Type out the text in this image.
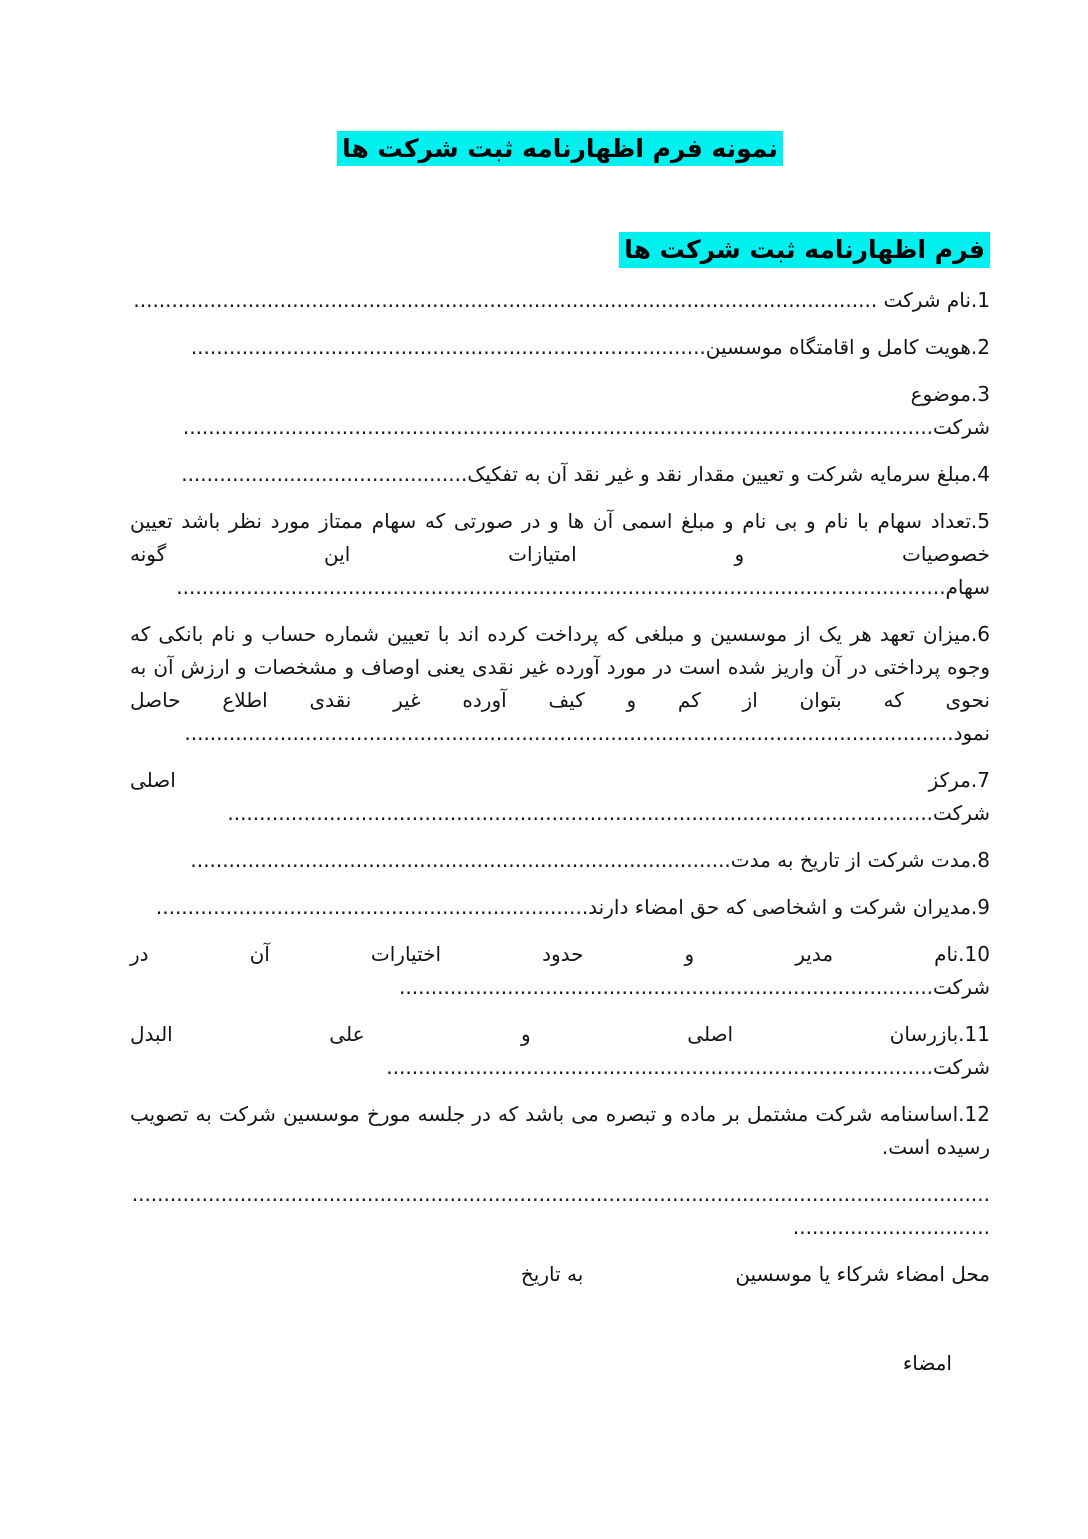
نمونه فرم اظهارنامه ثبت شرکت ها
فرم اظهارنامه ثبت شرکت ها

1.نام شرکت .....................................................................................................................

2.هویت کامل و اقامتگاه موسسین.................................................................................

3.موضوع شرکت......................................................................................................................

4.مبلغ سرمایه شرکت و تعیین مقدار نقد و غیر نقد آن به تفکیک.............................................

5.تعداد سهام با نام و بی نام و مبلغ اسمی آن ها و در صورتی که سهام ممتاز مورد نظر باشد تعیین خصوصیات و امتیازات این گونه سهام.........................................................................................................................

6.میزان تعهد هر یک از موسسین و مبلغی که پرداخت کرده اند با تعیین شماره حساب و نام بانکی که وجوه پرداختی در آن واریز شده است در مورد آورده غیر نقدی یعنی اوصاف و مشخصات و ارزش آن به نحوی که بتوان از کم و کیف آورده غیر نقدی اطلاع حاصل نمود.........................................................................................................................

7.مرکز اصلی شرکت...............................................................................................................

8.مدت شرکت از تاریخ به مدت.....................................................................................

9.مدیران شرکت و اشخاصی که حق امضاء دارند....................................................................

10.نام مدیر و حدود اختیارات آن در شرکت....................................................................................

11.بازرسان اصلی و علی البدل شرکت......................................................................................

12.اساسنامه شرکت مشتمل بر ماده و تبصره می باشد که در جلسه مورخ موسسین شرکت به تصویب رسیده است.

......................................................................................................................................................................

محل امضاء شرکاء یا موسسین
به تاریخ
امضاء
